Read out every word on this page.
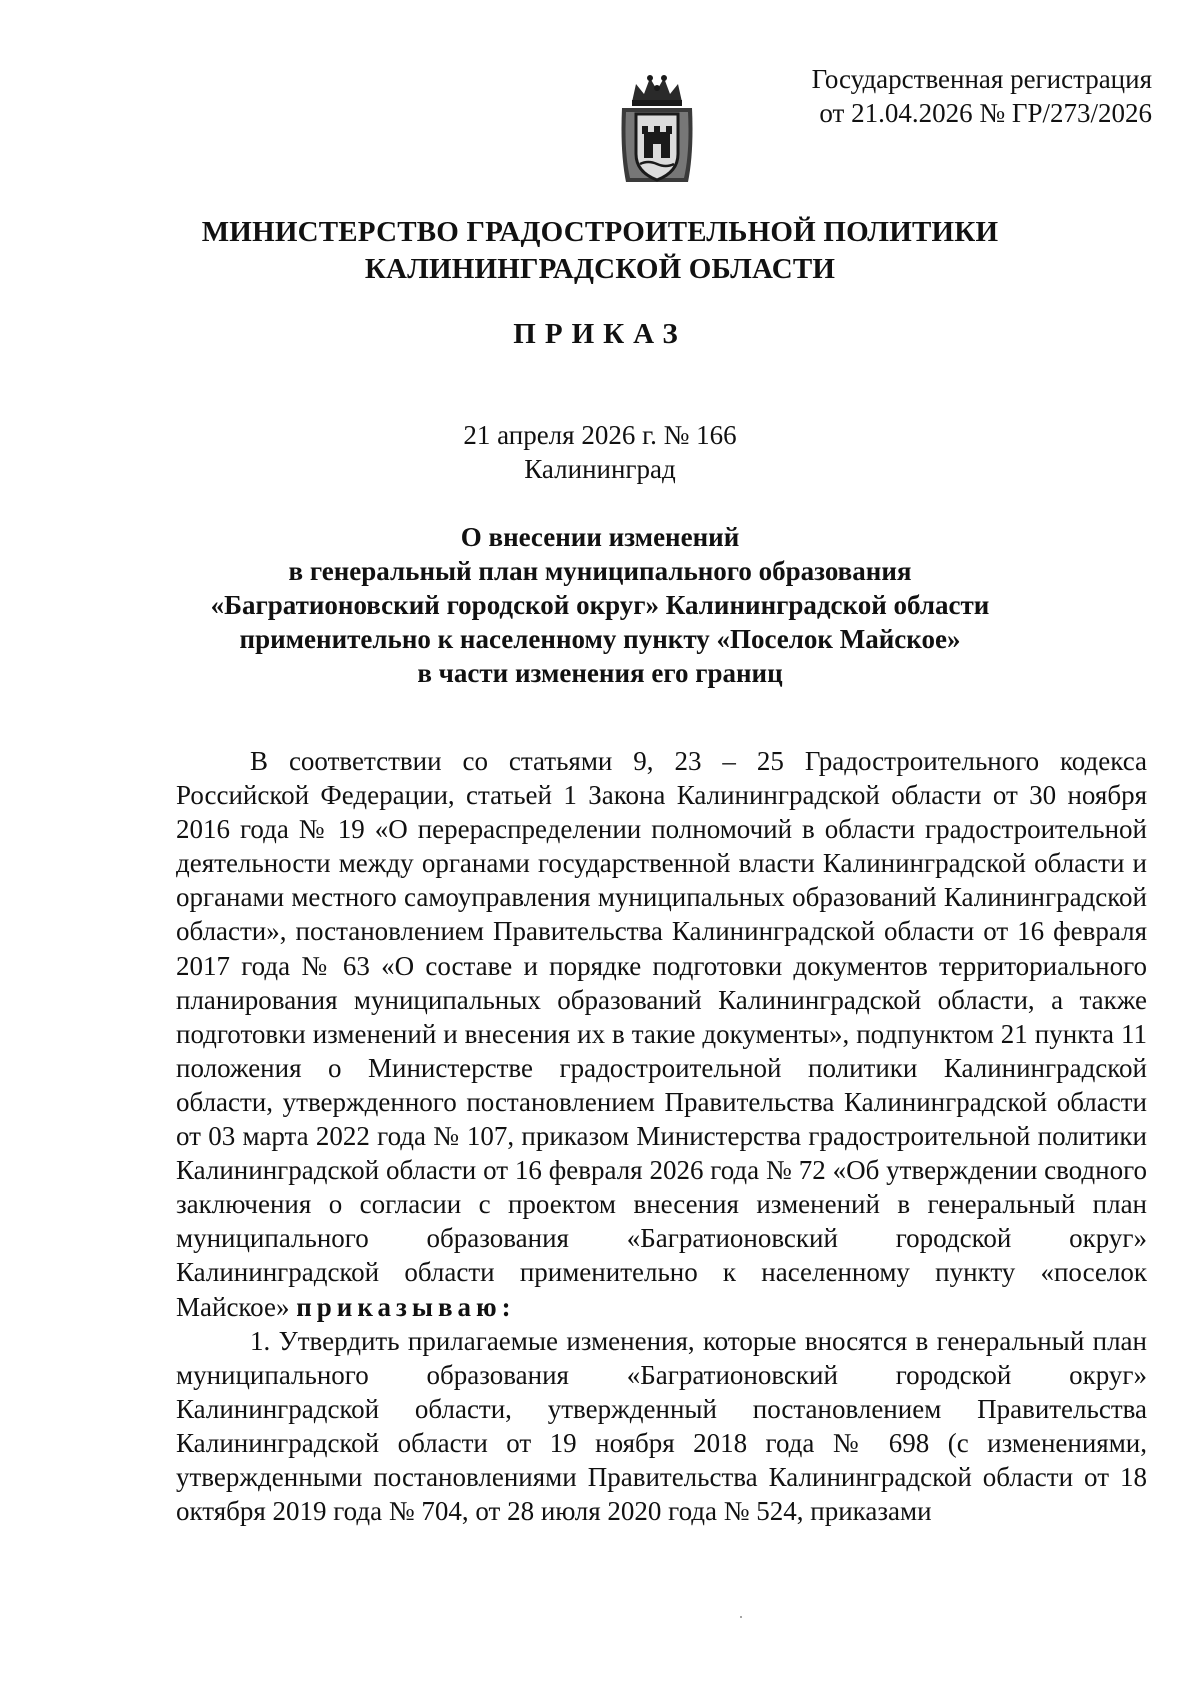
Государственная регистрация
от 21.04.2026 № ГР/273/2026
МИНИСТЕРСТВО ГРАДОСТРОИТЕЛЬНОЙ ПОЛИТИКИ
КАЛИНИНГРАДСКОЙ ОБЛАСТИ
ПРИКАЗ
21 апреля 2026 г. № 166
Калининград
О внесении изменений
в генеральный план муниципального образования
«Багратионовский городской округ» Калининградской области
применительно к населенному пункту «Поселок Майское»
в части изменения его границ

В соответствии со статьями 9, 23 – 25 Градостроительного кодекса Российской Федерации, статьей 1 Закона Калининградской области от 30 ноября 2016 года № 19 «О перераспределении полномочий в области градостроительной деятельности между органами государственной власти Калининградской области и органами местного самоуправления муниципальных образований Калининградской области», постановлением Правительства Калининградской области от 16 февраля 2017 года № 63 «О составе и порядке подготовки документов территориального планирования муниципальных образований Калининградской области, а также подготовки изменений и внесения их в такие документы», подпунктом 21 пункта 11 положения о Министерстве градостроительной политики Калининградской области, утвержденного постановлением Правительства Калининградской области от 03 марта 2022 года № 107, приказом Министерства градостроительной политики Калининградской области от 16 февраля 2026 года № 72 «Об утверждении сводного заключения о согласии с проектом внесения изменений в генеральный план муниципального образования «Багратионовский городской округ» Калининградской области применительно к населенному пункту «поселок Майское» приказываю:

1. Утвердить прилагаемые изменения, которые вносятся в генеральный план муниципального образования «Багратионовский городской округ» Калининградской области, утвержденный постановлением Правительства Калининградской области от 19 ноября 2018 года № 698 (с изменениями, утвержденными постановлениями Правительства Калининградской области от 18 октября 2019 года № 704, от 28 июля 2020 года № 524, приказами
